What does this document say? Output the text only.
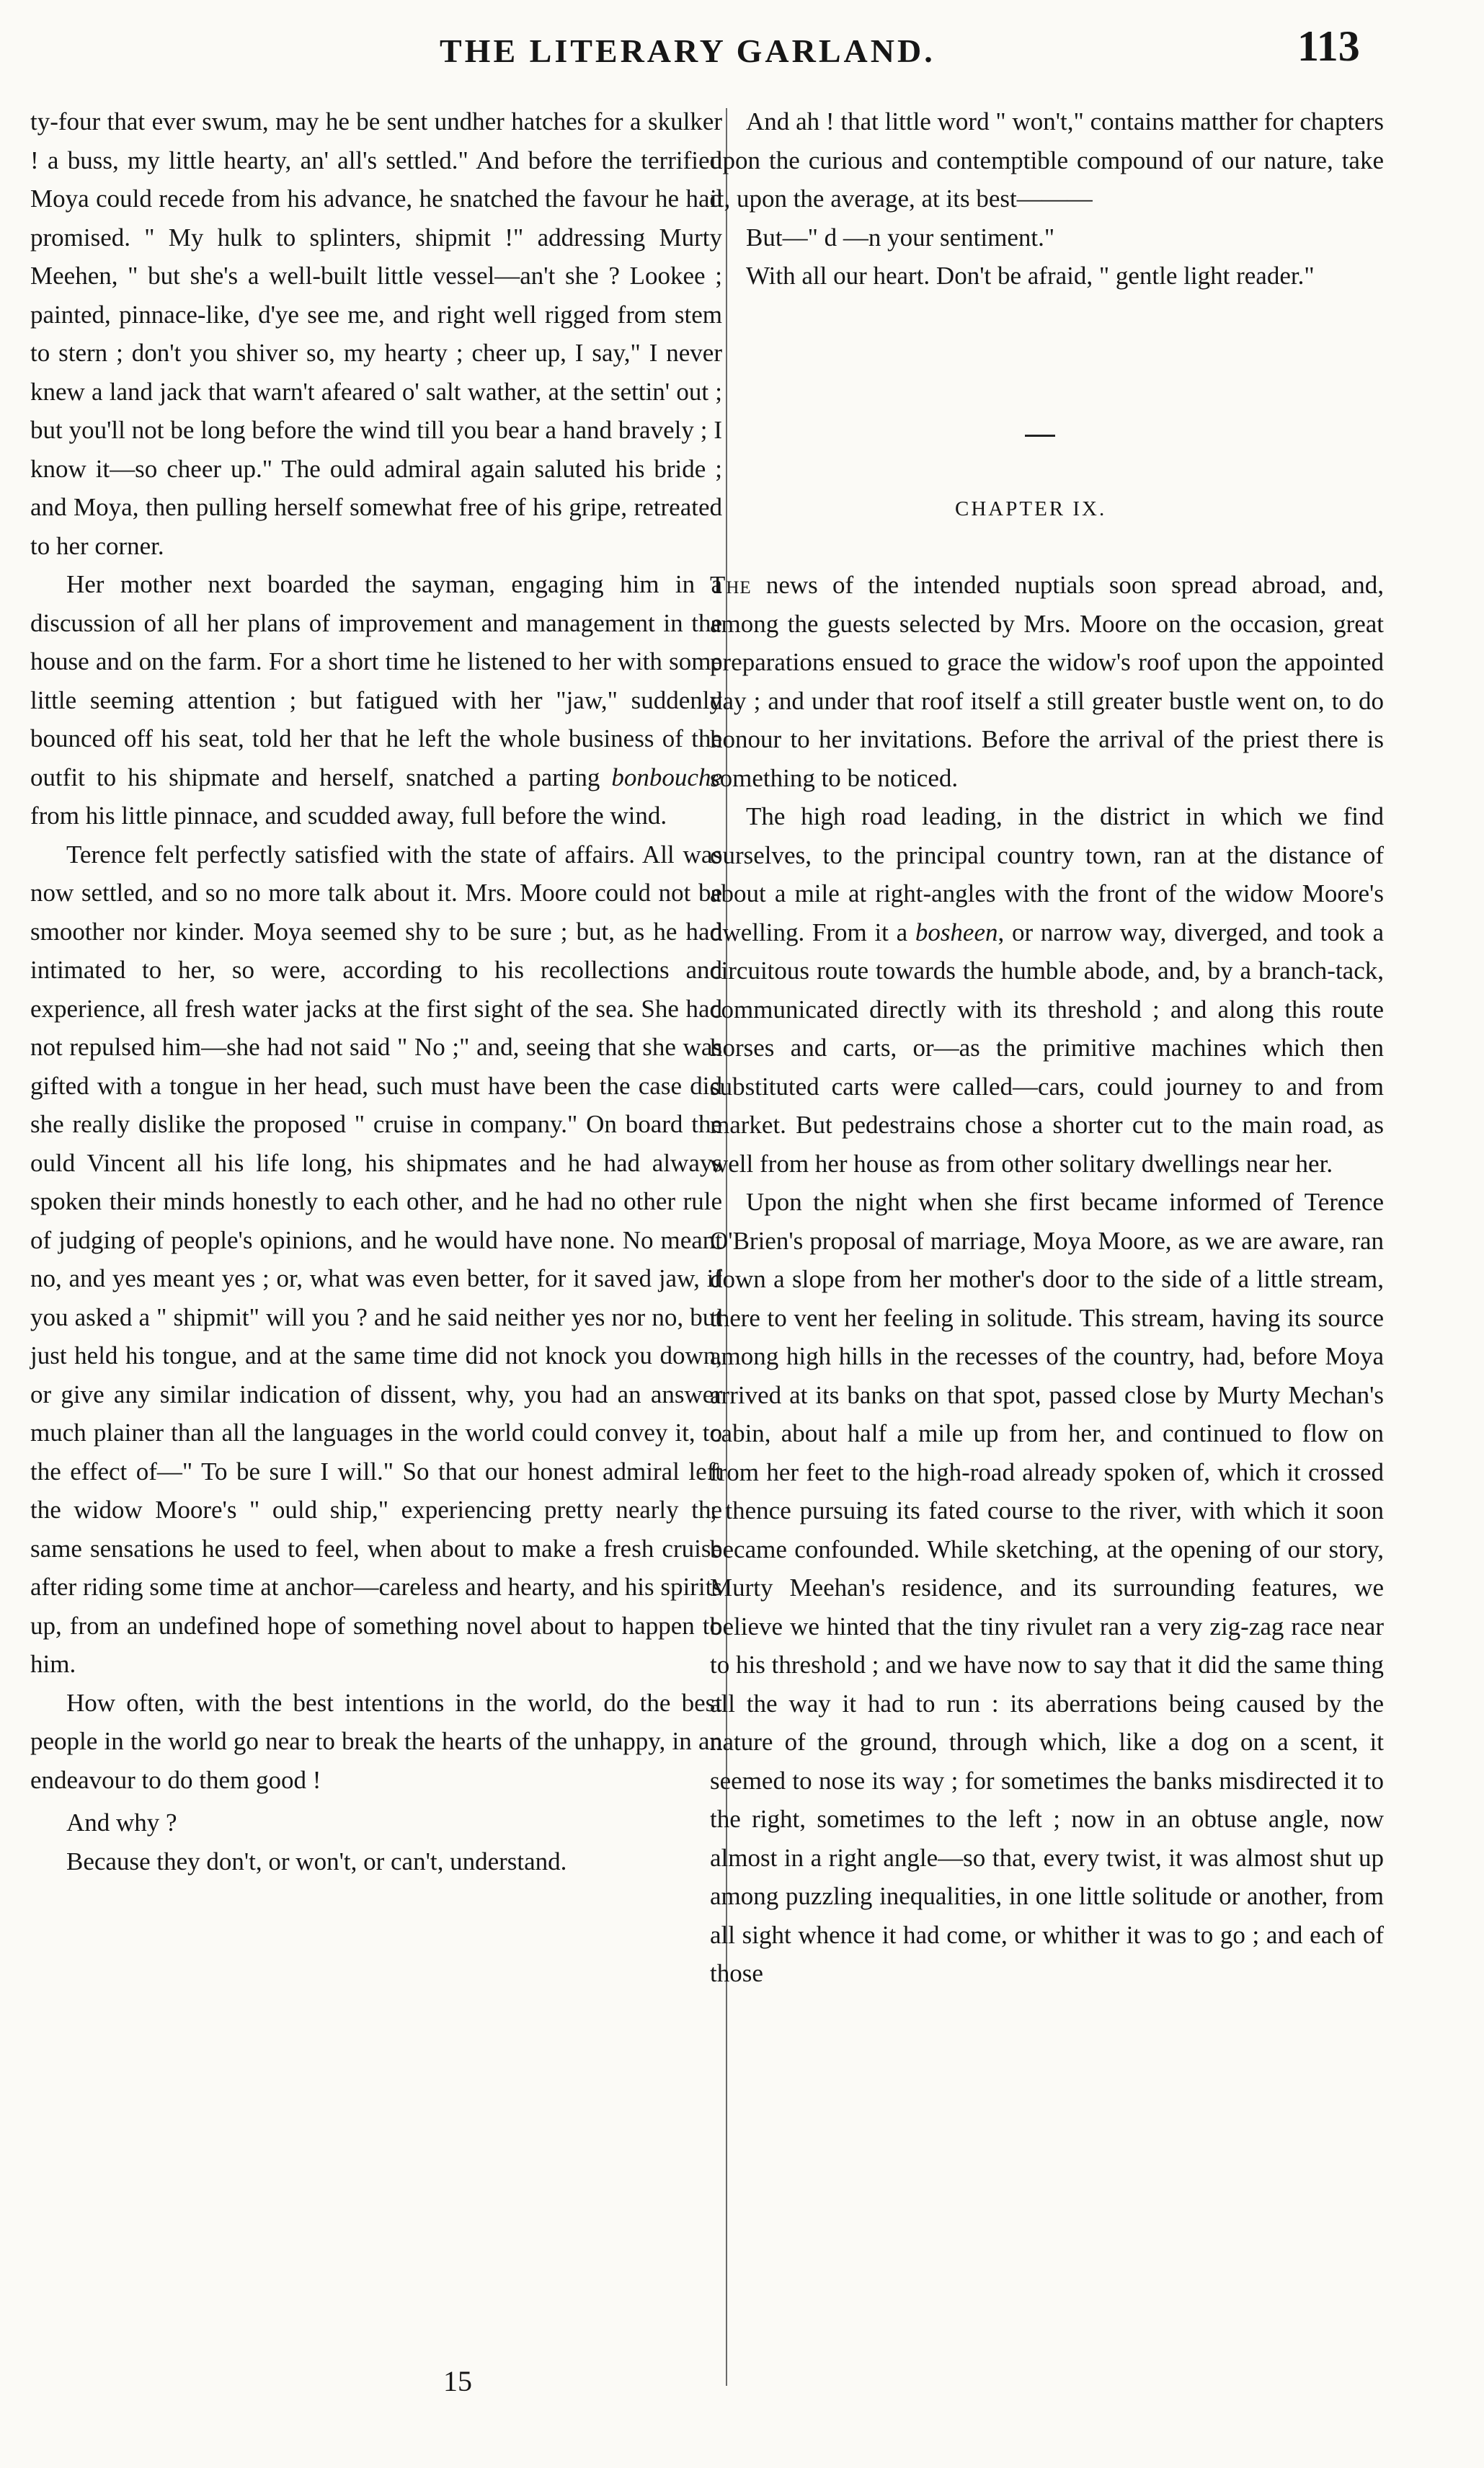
THE LITERARY GARLAND.	113

ty-four that ever swum, may he be sent undher hatches for a skulker ! a buss, my little hearty, an' all's settled." And before the terrified Moya could recede from his advance, he snatched the favour he had promised. " My hulk to splinters, shipmit !" addressing Murty Meehen, " but she's a well-built little vessel—an't she ? Lookee ; painted, pinnace-like, d'ye see me, and right well rigged from stem to stern ; don't you shiver so, my hearty ; cheer up, I say," I never knew a land jack that warn't afeared o' salt wather, at the settin' out ; but you'll not be long before the wind till you bear a hand bravely ; I know it—so cheer up." The ould admiral again saluted his bride ; and Moya, then pulling herself somewhat free of his gripe, retreated to her corner.

Her mother next boarded the sayman, engaging him in a discussion of all her plans of improvement and management in the house and on the farm. For a short time he listened to her with some little seeming attention ; but fatigued with her "jaw," suddenly bounced off his seat, told her that he left the whole business of the outfit to his shipmate and herself, snatched a parting bonbouche from his little pinnace, and scudded away, full before the wind.

Terence felt perfectly satisfied with the state of affairs. All was now settled, and so no more talk about it. Mrs. Moore could not be smoother nor kinder. Moya seemed shy to be sure ; but, as he had intimated to her, so were, according to his recollections and experience, all fresh water jacks at the first sight of the sea. She had not repulsed him—she had not said " No ;" and, seeing that she was gifted with a tongue in her head, such must have been the case did she really dislike the proposed " cruise in company." On board the ould Vincent all his life long, his shipmates and he had always spoken their minds honestly to each other, and he had no other rule of judging of people's opinions, and he would have none. No meant no, and yes meant yes ; or, what was even better, for it saved jaw, if you asked a " shipmit" will you ? and he said neither yes nor no, but just held his tongue, and at the same time did not knock you down, or give any similar indication of dissent, why, you had an answer much plainer than all the languages in the world could convey it, to the effect of—" To be sure I will." So that our honest admiral left the widow Moore's " ould ship," experiencing pretty nearly the same sensations he used to feel, when about to make a fresh cruise after riding some time at anchor—careless and hearty, and his spirits up, from an undefined hope of something novel about to happen to him.

How often, with the best intentions in the world, do the best people in the world go near to break the hearts of the unhappy, in an endeavour to do them good !

And why ?

Because they don't, or won't, or can't, understand.

And ah ! that little word " won't," contains matther for chapters upon the curious and contemptible compound of our nature, take it, upon the average, at its best———

But—" d —n your sentiment."

With all our heart. Don't be afraid, " gentle light reader."

CHAPTER IX.

The news of the intended nuptials soon spread abroad, and, among the guests selected by Mrs. Moore on the occasion, great preparations ensued to grace the widow's roof upon the appointed day ; and under that roof itself a still greater bustle went on, to do honour to her invitations. Before the arrival of the priest there is something to be noticed.

The high road leading, in the district in which we find ourselves, to the principal country town, ran at the distance of about a mile at right-angles with the front of the widow Moore's dwelling. From it a bosheen, or narrow way, diverged, and took a circuitous route towards the humble abode, and, by a branch-tack, communicated directly with its threshold ; and along this route horses and carts, or—as the primitive machines which then substituted carts were called—cars, could journey to and from market. But pedestrains chose a shorter cut to the main road, as well from her house as from other solitary dwellings near her.

Upon the night when she first became informed of Terence O'Brien's proposal of marriage, Moya Moore, as we are aware, ran down a slope from her mother's door to the side of a little stream, there to vent her feeling in solitude. This stream, having its source among high hills in the recesses of the country, had, before Moya arrived at its banks on that spot, passed close by Murty Mechan's cabin, about half a mile up from her, and continued to flow on from her feet to the high-road already spoken of, which it crossed ; thence pursuing its fated course to the river, with which it soon became confounded. While sketching, at the opening of our story, Murty Meehan's residence, and its surrounding features, we believe we hinted that the tiny rivulet ran a very zig-zag race near to his threshold ; and we have now to say that it did the same thing all the way it had to run : its aberrations being caused by the nature of the ground, through which, like a dog on a scent, it seemed to nose its way ; for sometimes the banks misdirected it to the right, sometimes to the left ; now in an obtuse angle, now almost in a right angle—so that, every twist, it was almost shut up among puzzling inequalities, in one little solitude or another, from all sight whence it had come, or whither it was to go ; and each of those

15
